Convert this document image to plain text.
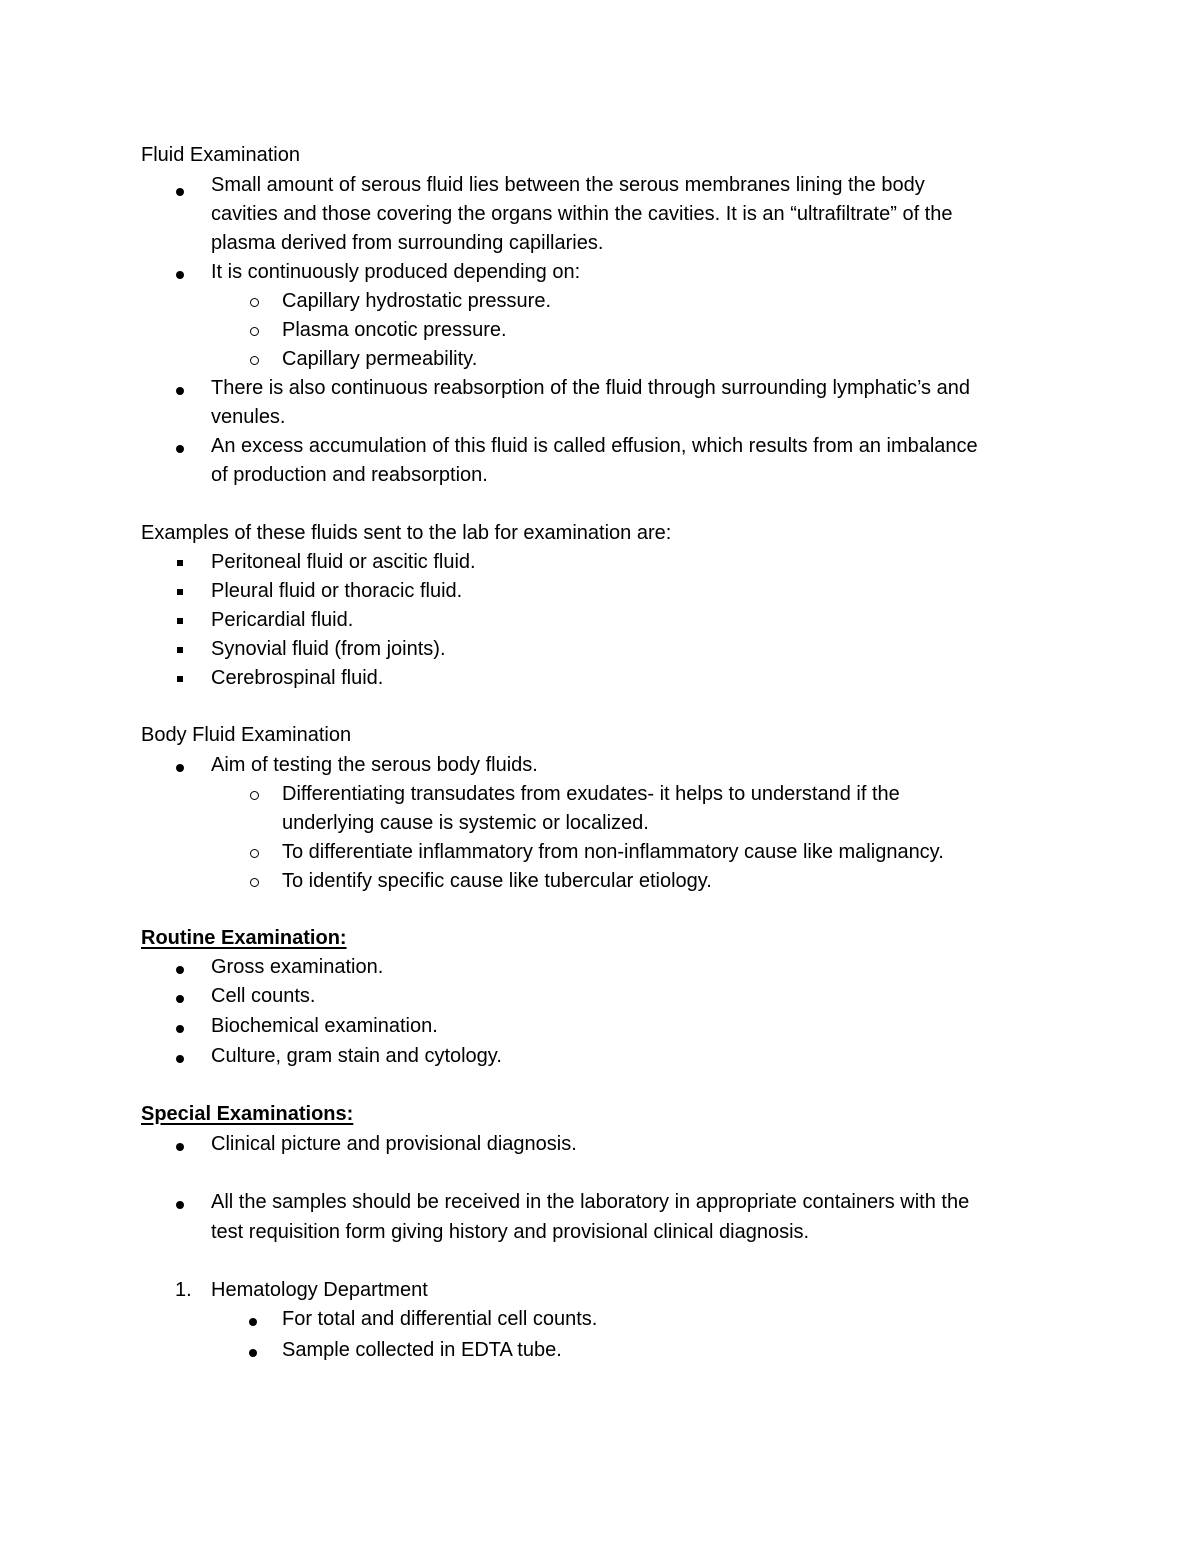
Fluid Examination
Small amount of serous fluid lies between the serous membranes lining the body
cavities and those covering the organs within the cavities. It is an “ultrafiltrate” of the
plasma derived from surrounding capillaries.
It is continuously produced depending on:
Capillary hydrostatic pressure.
Plasma oncotic pressure.
Capillary permeability.
There is also continuous reabsorption of the fluid through surrounding lymphatic’s and
venules.
An excess accumulation of this fluid is called effusion, which results from an imbalance
of production and reabsorption.
Examples of these fluids sent to the lab for examination are:
Peritoneal fluid or ascitic fluid.
Pleural fluid or thoracic fluid.
Pericardial fluid.
Synovial fluid (from joints).
Cerebrospinal fluid.
Body Fluid Examination
Aim of testing the serous body fluids.
Differentiating transudates from exudates- it helps to understand if the
underlying cause is systemic or localized.
To differentiate inflammatory from non-inflammatory cause like malignancy.
To identify specific cause like tubercular etiology.
Routine Examination:
Gross examination.
Cell counts.
Biochemical examination.
Culture, gram stain and cytology.
Special Examinations:
Clinical picture and provisional diagnosis.
All the samples should be received in the laboratory in appropriate containers with the
test requisition form giving history and provisional clinical diagnosis.
1. Hematology Department
For total and differential cell counts.
Sample collected in EDTA tube.
